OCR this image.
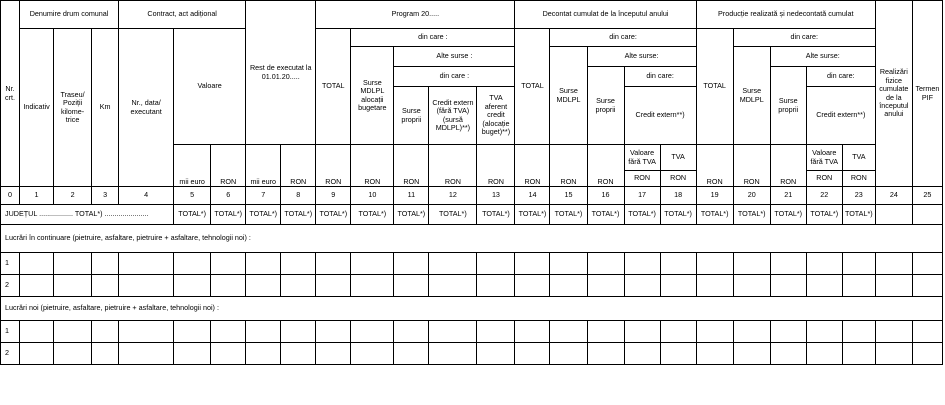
Nr. crt.	Denumire drum comunal			Contract, act adițional			Rest de executat la 01.01.20.....		Program 20.....					Decontat cumulat de la începutul anului					Producție realizată și nedecontată cumulat					Realizări fizice cumulate de la începutul anului	Termen PIF
	Indicativ	Traseu/ Poziții kilome- trice	Km	Nr., data/ executant	Valoare				TOTAL	din care :				TOTAL	din care:				TOTAL	din care:					
										Surse MDLPL alocații bugetare	Alte surse :				Surse MDLPL	Alte surse:				Surse MDLPL	Alte surse:				
											din care :					Surse proprii	din care:				Surse proprii	din care:			
											Surse proprii	Credit extern (fără TVA) (sursă MDLPL)**)	TVA aferent credit (alocație buget)**)				Credit extern**)					Credit extern**)			
					mii euro	RON	mii euro	RON	RON	RON	RON	RON	RON	RON	RON	RON	Valoare fără TVA	TVA	RON	RON	RON	Valoare fără TVA	TVA		
																	RON	RON				RON	RON		
0	1	2	3	4	5	6	7	8	9	10	11	12	13	14	15	16	17	18	19	20	21	22	23	24	25
JUDEȚUL ................. TOTAL*) ......................					TOTAL*)	TOTAL*)	TOTAL*)	TOTAL*)	TOTAL*)	TOTAL*)	TOTAL*)	TOTAL*)	TOTAL*)	TOTAL*)	TOTAL*)	TOTAL*)	TOTAL*)	TOTAL*)	TOTAL*)	TOTAL*)	TOTAL*)	TOTAL*)	TOTAL*)		
Lucrări în continuare (pietruire, asfaltare, pietruire + asfaltare, tehnologii noi) :																									
1																									
2																									
Lucrări noi (pietruire, asfaltare, pietruire + asfaltare, tehnologii noi) :																									
1																									
2																									
